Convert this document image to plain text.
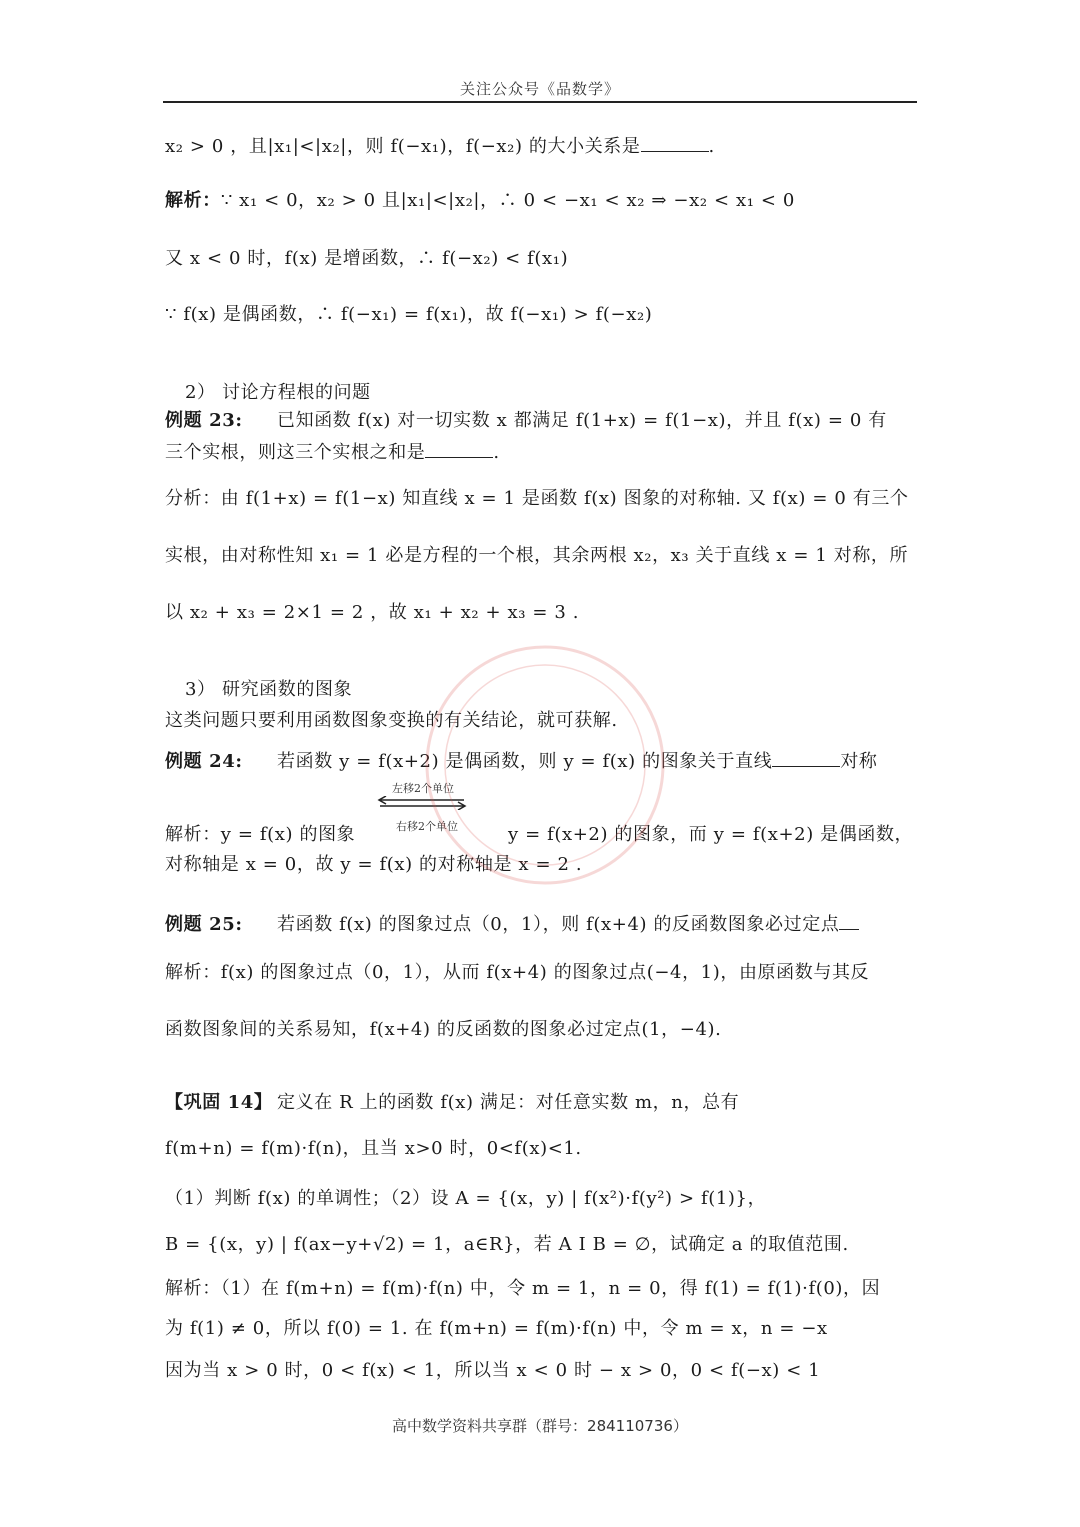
关注公众号《品数学》
x₂ > 0 ，且|x₁|<|x₂|，则 f(−x₁)，f(−x₂) 的大小关系是	.
解析：∵ x₁ < 0，x₂ > 0 且|x₁|<|x₂|，∴ 0 < −x₁ < x₂ ⇒ −x₂ < x₁ < 0
又 x < 0 时，f(x) 是增函数，∴ f(−x₂) < f(x₁)
∵ f(x) 是偶函数，∴ f(−x₁) = f(x₁)，故 f(−x₁) > f(−x₂)
2） 讨论方程根的问题
例题 23: 已知函数 f(x) 对一切实数 x 都满足 f(1+x) = f(1−x)，并且 f(x) = 0 有
三个实根，则这三个实根之和是	.
分析：由 f(1+x) = f(1−x) 知直线 x = 1 是函数 f(x) 图象的对称轴. 又 f(x) = 0 有三个
实根，由对称性知 x₁ = 1 必是方程的一个根，其余两根 x₂，x₃ 关于直线 x = 1 对称，所
以 x₂ + x₃ = 2×1 = 2 ，故 x₁ + x₂ + x₃ = 3 .
3） 研究函数的图象
这类问题只要利用函数图象变换的有关结论，就可获解.
例题 24: 若函数 y = f(x+2) 是偶函数，则 y = f(x) 的图象关于直线	对称
左移2个单位
右移2个单位
解析：y = f(x) 的图象	y = f(x+2) 的图象，而 y = f(x+2) 是偶函数，
对称轴是 x = 0，故 y = f(x) 的对称轴是 x = 2 .
例题 25: 若函数 f(x) 的图象过点（0，1），则 f(x+4) 的反函数图象必过定点
解析：f(x) 的图象过点（0，1），从而 f(x+4) 的图象过点(−4，1)，由原函数与其反
函数图象间的关系易知，f(x+4) 的反函数的图象必过定点(1，−4).
【巩固 14】 定义在 R 上的函数 f(x) 满足：对任意实数 m，n，总有
f(m+n) = f(m)·f(n)，且当 x>0 时，0<f(x)<1.
（1）判断 f(x) 的单调性；（2）设 A = {(x，y) | f(x²)·f(y²) > f(1)}，
B = {(x，y) | f(ax−y+√2) = 1，a∈R}，若 A I B = ∅，试确定 a 的取值范围.
解析：（1）在 f(m+n) = f(m)·f(n) 中，令 m = 1，n = 0，得 f(1) = f(1)·f(0)，因
为 f(1) ≠ 0，所以 f(0) = 1. 在 f(m+n) = f(m)·f(n) 中，令 m = x，n = −x
因为当 x > 0 时，0 < f(x) < 1，所以当 x < 0 时 − x > 0，0 < f(−x) < 1
高中数学资料共享群（群号：284110736）
